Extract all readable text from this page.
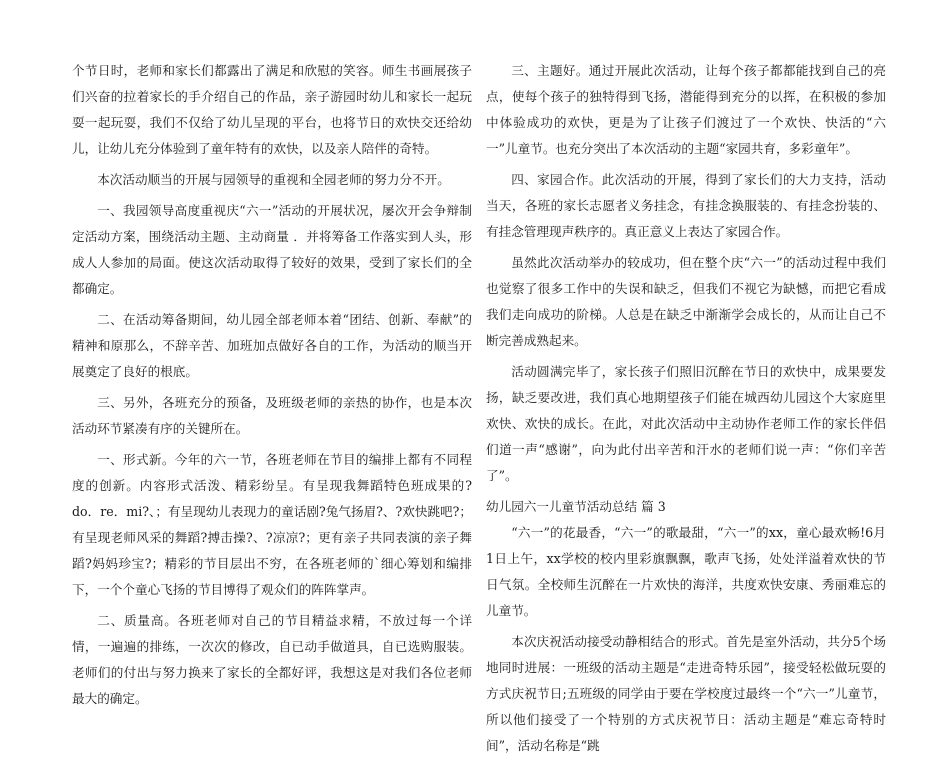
个节日时，老师和家长们都露出了满足和欣慰的笑容。师生书画展孩子们兴奋的拉着家长的手介绍自己的作品，亲子游园时幼儿和家长一起玩耍一起玩耍，我们不仅给了幼儿呈现的平台，也将节日的欢快交还给幼儿，让幼儿充分体验到了童年特有的欢快，以及亲人陪伴的奇特。

本次活动顺当的开展与园领导的重视和全园老师的努力分不开。

一、我园领导高度重视庆“六一”活动的开展状况，屡次开会争辩制定活动方案，围绕活动主题、主动商量 ．并将筹备工作落实到人头，形成人人参加的局面。使这次活动取得了较好的效果，受到了家长们的全都确定。

二、在活动筹备期间，幼儿园全部老师本着“团结、创新、奉献”的精神和原那么，不辞辛苦、加班加点做好各自的工作，为活动的顺当开展奠定了良好的根底。

三、另外，各班充分的预备，及班级老师的亲热的协作，也是本次活动环节紧凑有序的关键所在。

一、形式新。今年的六一节，各班老师在节目的编排上都有不同程度的创新。内容形式活泼、精彩纷呈。有呈现我舞蹈特色班成果的?do．re．mi?、；有呈现幼儿表现力的童话剧?兔气扬眉?、?欢快跳吧?；有呈现老师风采的舞蹈?搏击操?、?凉凉?；更有亲子共同表演的亲子舞蹈?妈妈珍宝?；精彩的节目层出不穷，在各班老师的`细心筹划和编排下，一个个童心飞扬的节目博得了观众们的阵阵掌声。

二、质量高。各班老师对自己的节目精益求精，不放过每一个详情，一遍遍的排练，一次次的修改，自已动手做道具，自已选购服装。老师们的付出与努力换来了家长的全都好评，我想这是对我们各位老师最大的确定。

三、主题好。通过开展此次活动，让每个孩子都都能找到自己的亮点，使每个孩子的独特得到飞扬，潜能得到充分的以挥，在积极的参加中体验成功的欢快，更是为了让孩子们渡过了一个欢快、快活的“六一”儿童节。也充分突出了本次活动的主题“家园共育，多彩童年”。

四、家园合作。此次活动的开展，得到了家长们的大力支持，活动当天，各班的家长志愿者义务挂念，有挂念换服装的、有挂念扮装的、有挂念管理现声秩序的。真正意义上表达了家园合作。

虽然此次活动举办的较成功，但在整个庆“六一”的活动过程中我们也觉察了很多工作中的失误和缺乏，但我们不视它为缺憾，而把它看成我们走向成功的阶梯。人总是在缺乏中渐渐学会成长的，从而让自己不断完善成熟起来。

活动圆满完毕了，家长孩子们照旧沉醉在节日的欢快中，成果要发扬，缺乏要改进，我们真心地期望孩子们能在城西幼儿园这个大家庭里欢快、欢快的成长。在此，对此次活动中主动协作老师工作的家长伴侣们道一声“感谢”，向为此付出辛苦和汗水的老师们说一声：“你们辛苦了”。

幼儿园六一儿童节活动总结 篇 3

“六一”的花最香，“六一”的歌最甜，“六一”的xx，童心最欢畅!6月1日上午，xx学校的校内里彩旗飘飘，歌声飞扬，处处洋溢着欢快的节日气氛。全校师生沉醉在一片欢快的海洋，共度欢快安康、秀丽难忘的儿童节。

本次庆祝活动接受动静相结合的形式。首先是室外活动，共分5个场地同时进展：一班级的活动主题是“走进奇特乐园”，接受轻松做玩耍的方式庆祝节日;五班级的同学由于要在学校度过最终一个“六一”儿童节，所以他们接受了一个特别的方式庆祝节日：活动主题是“难忘奇特时间”，活动名称是“跳
